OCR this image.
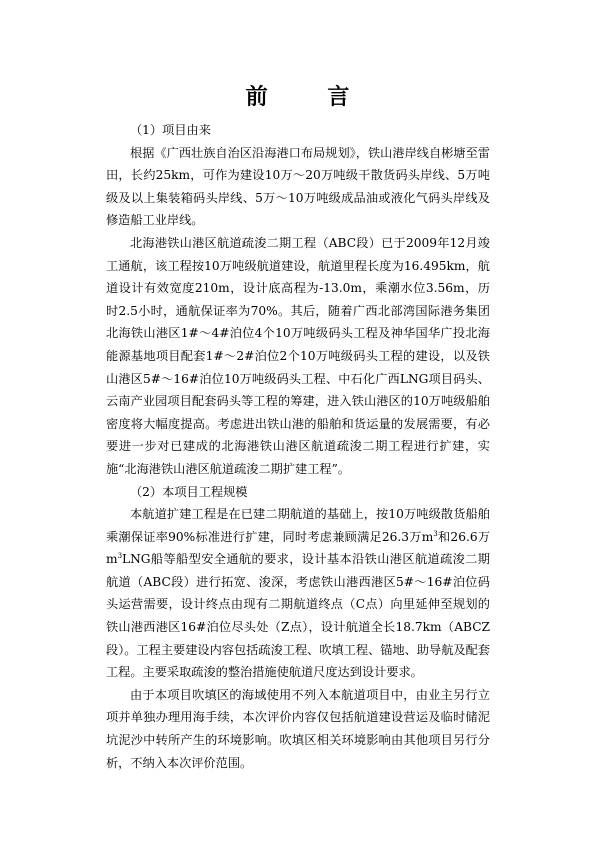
前 言

（1）项目由来

根据《广西壮族自治区沿海港口布局规划》，铁山港岸线自彬塘至雷田，长约25km，可作为建设10万～20万吨级干散货码头岸线、5万吨级及以上集装箱码头岸线、5万～10万吨级成品油或液化气码头岸线及修造船工业岸线。

北海港铁山港区航道疏浚二期工程（ABC段）已于2009年12月竣工通航，该工程按10万吨级航道建设，航道里程长度为16.495km，航道设计有效宽度210m，设计底高程为-13.0m，乘潮水位3.56m，历时2.5小时，通航保证率为70%。其后，随着广西北部湾国际港务集团北海铁山港区1#～4#泊位4个10万吨级码头工程及神华国华广投北海能源基地项目配套1#～2#泊位2个10万吨级码头工程的建设，以及铁山港区5#～16#泊位10万吨级码头工程、中石化广西LNG项目码头、云南产业园项目配套码头等工程的筹建，进入铁山港区的10万吨级船舶密度将大幅度提高。考虑进出铁山港的船舶和货运量的发展需要，有必要进一步对已建成的北海港铁山港区航道疏浚二期工程进行扩建，实施“北海港铁山港区航道疏浚二期扩建工程”。

（2）本项目工程规模

本航道扩建工程是在已建二期航道的基础上，按10万吨级散货船舶乘潮保证率90%标准进行扩建，同时考虑兼顾满足26.3万$m^3$和26.6万$m^3LNG$船等船型安全通航的要求，设计基本沿铁山港区航道疏浚二期航道（ABC段）进行拓宽、浚深，考虑铁山港西港区5#～16#泊位码头运营需要，设计终点由现有二期航道终点（C点）向里延伸至规划的铁山港西港区16#泊位尽头处（Z点），设计航道全长18.7km（ABCZ段）。工程主要建设内容包括疏浚工程、吹填工程、锚地、助导航及配套工程。主要采取疏浚的整治措施使航道尺度达到设计要求。

由于本项目吹填区的海域使用不列入本航道项目中，由业主另行立项并单独办理用海手续，本次评价内容仅包括航道建设营运及临时储泥坑泥沙中转所产生的环境影响。吹填区相关环境影响由其他项目另行分析，不纳入本次评价范围。
